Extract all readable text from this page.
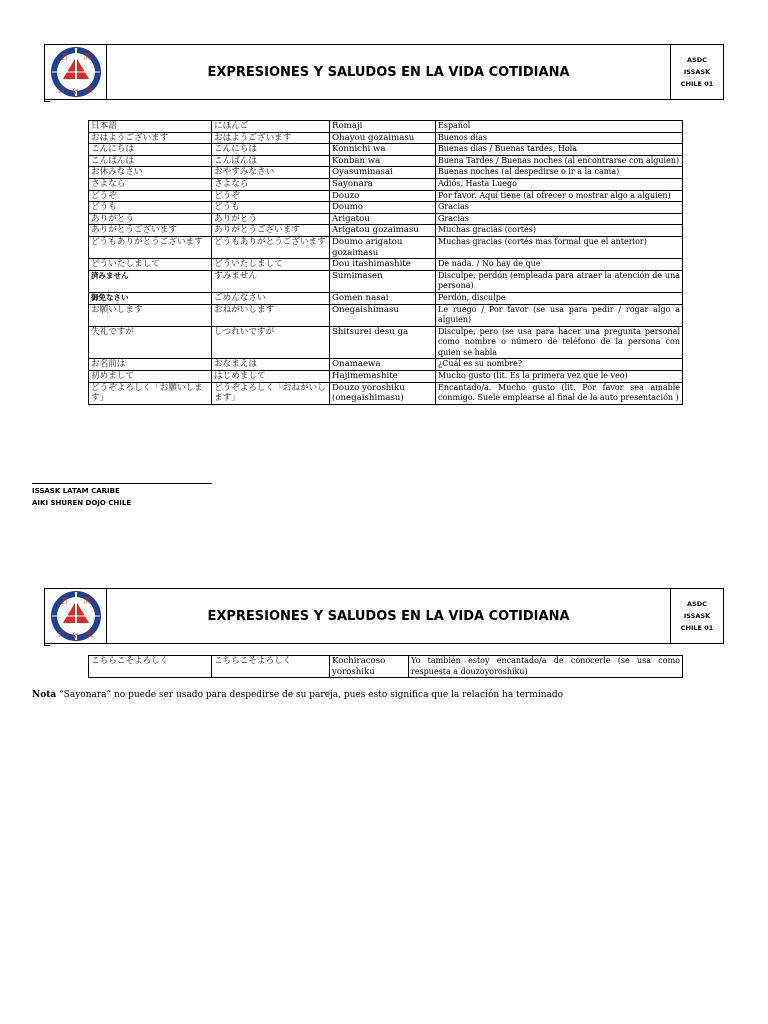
吾 間
合 気 道
EXPRESIONES Y SALUDOS EN LA VIDA COTIDIANA
ASDC
ISSASK
CHILE 01
日本語	にほんご	Romaji	Español
おはようございます	おはようございます	Ohayou gozaimasu	Buenos días
こんにちは	こんにちは	Konnichi wa	Buenas días / Buenas tardes, Hola
こんばんは	こんばんは	Konban wa	Buena Tardes / Buenas noches (al encontrarse con alguien)
お休みなさい	おやすみなさい	Oyasuminasai	Buenas noches (al despedirse o ir a la cama)
さよなら	さよなら	Sayonara	Adiós. Hasta Luego
どうぞ	どうぞ	Douzo	Por favor. Aquí tiene (al ofrecer o mostrar algo a alguien)
どうも	どうも	Doumo	Gracias
ありがとう	ありがとう	Arigatou	Gracias
ありがとうございます	ありがとうございます	Arigatou gozaimasu	Muchas gracias (cortés)
どうもありがとうございます	どうもありがとうございます	Doumo arigatou gozaimasu	Muchas gracias (cortés mas formal que el anterior)
どういたしまして	どういたしまして	Dou itashimashite	De nada. / No hay de que
済みません	すみません	Sumimasen	Disculpe, perdón (empleada para atraer la atención de una persona)
御免なさい	ごめんなさい	Gomen nasai	Perdón, disculpe
お願いします	おねがいします	Onegaishimasu	Le ruego / Por favor (se usa para pedir / rogar algo a alguien)
失礼ですが	しつれいですが	Shitsurei desu ga	Disculpe, pero (se usa para hacer una pregunta personal como nombre o número de teléfono de la persona con quien se habla
お名前は	おなまえは	Onamaewa	¿Cuál es su nombre?
初めまして	はじめまして	Hajimemashite	Mucho gusto (lit. Es la primera vez que le veo)
どうぞよろしく「お願いします」	どうぞよろしく「おねがいします」	Douzo yoroshiku (onegaishimasu)	Encantado/a. Mucho gusto (lit. Por favor sea amable conmigo. Suele emplearse al final de la auto presentación )
ISSASK LATAM CARIBE
AIKI SHUREN DOJO CHILE
吾 間
合 気 道
EXPRESIONES Y SALUDOS EN LA VIDA COTIDIANA
ASDC
ISSASK
CHILE 01
こちらこそよろしく	こちらこそよろしく	Kochiracoso yoroshiku	Yo también estoy encantado/a de conocerle (se usa como respuesta a douzoyoroshiku)
Nota “Sayonara” no puede ser usado para despedirse de su pareja, pues esto significa que la relación ha terminado
